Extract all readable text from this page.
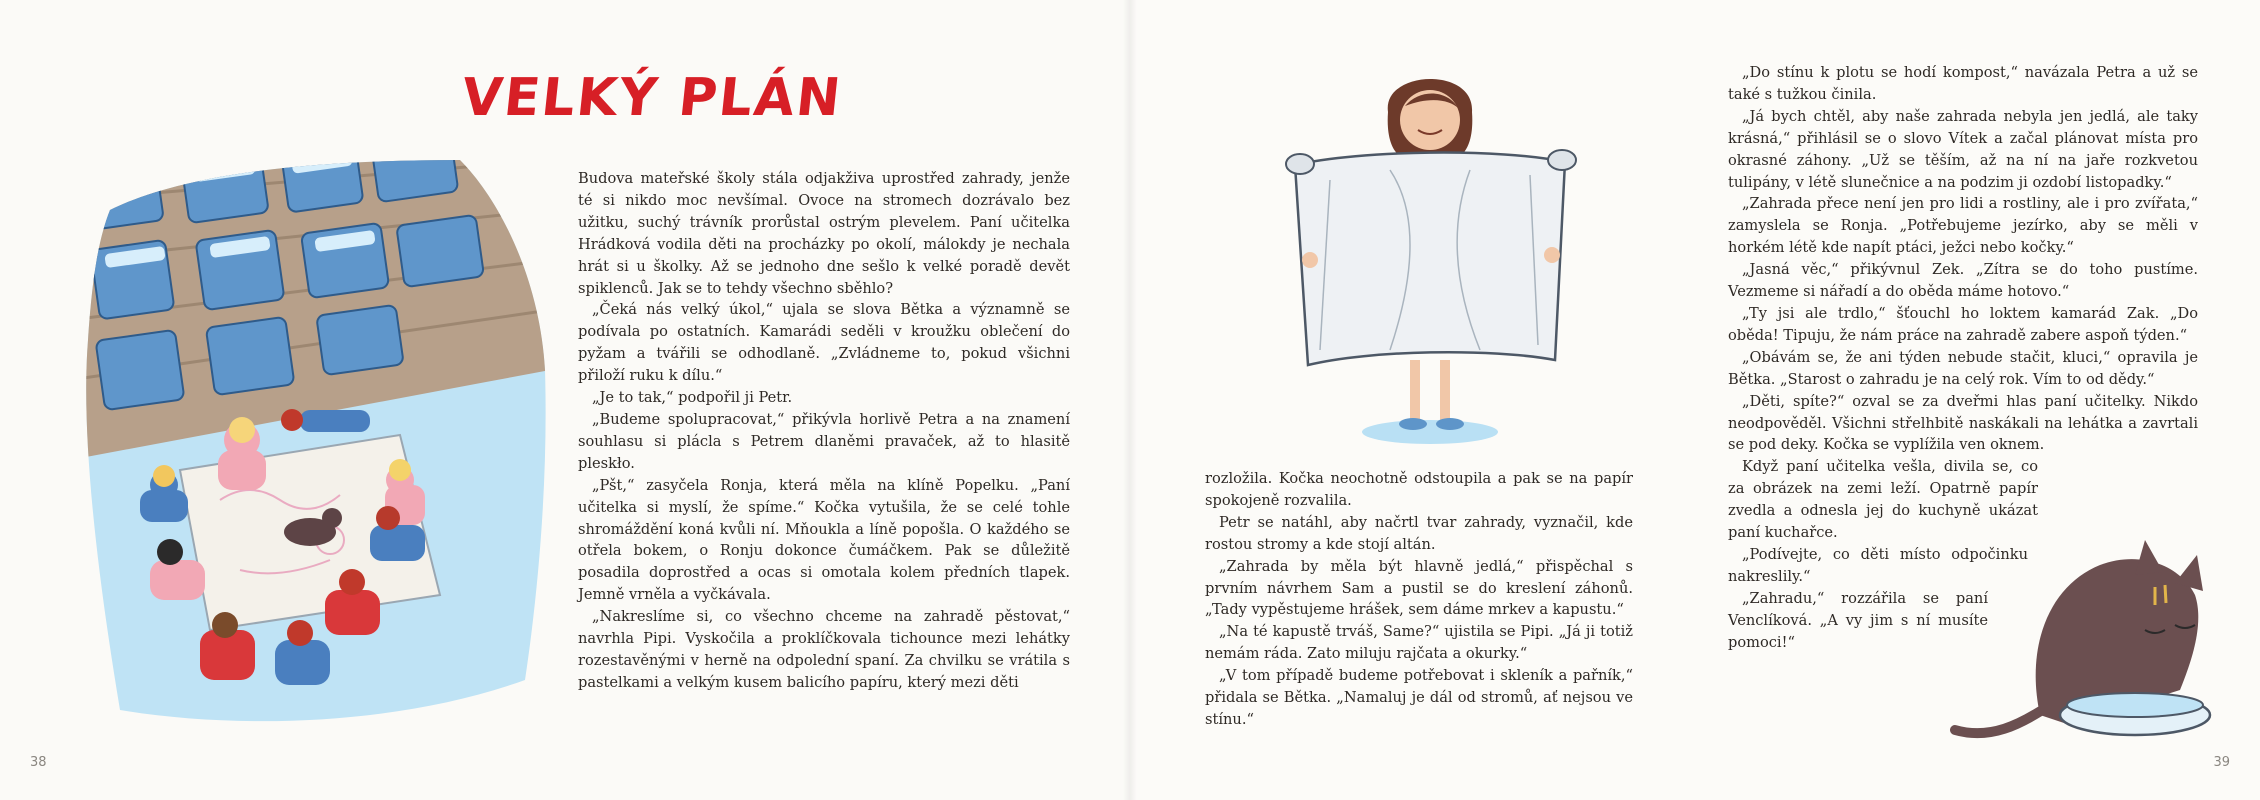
VELKÝ PLÁN

Budova mateřské školy stála odjakživa uprostřed zahrady, jenže té si nikdo moc nevšímal. Ovoce na stromech dozrávalo bez užitku, suchý trávník prorůstal ostrým plevelem. Paní učitelka Hrádková vodila děti na procházky po okolí, málokdy je nechala hrát si u školky. Až se jednoho dne sešlo k velké poradě devět spiklenců. Jak se to tehdy všechno sběhlo?

„Čeká nás velký úkol,“ ujala se slova Bětka a významně se podívala po ostatních. Kamarádi seděli v kroužku oblečení do pyžam a tvářili se odhodlaně. „Zvládneme to, pokud všichni přiloží ruku k dílu.“

„Je to tak,“ podpořil ji Petr.

„Budeme spolupracovat,“ přikývla horlivě Petra a na znamení souhlasu si plácla s Petrem dlaněmi pravaček, až to hlasitě pleskło.

„Pšt,“ zasyčela Ronja, která měla na klíně Popelku. „Paní učitelka si myslí, že spíme.“ Kočka vytušila, že se celé tohle shromáždění koná kvůli ní. Mňoukla a líně popošla. O každého se otřela bokem, o Ronju dokonce čumáčkem. Pak se důležitě posadila doprostřed a ocas si omotala kolem předních tlapek. Jemně vrněla a vyčkávala.

„Nakreslíme si, co všechno chceme na zahradě pěstovat,“ navrhla Pipi. Vyskočila a proklíčkovala tichounce mezi lehátky rozestavěnými v herně na odpolední spaní. Za chvilku se vrátila s pastelkami a velkým kusem balicího papíru, který mezi děti

38

rozložila. Kočka neochotně odstoupila a pak se na papír spokojeně rozvalila.

Petr se natáhl, aby načrtl tvar zahrady, vyznačil, kde rostou stromy a kde stojí altán.

„Zahrada by měla být hlavně jedlá,“ přispěchal s prvním návrhem Sam a pustil se do kreslení záhonů. „Tady vypěstujeme hrášek, sem dáme mrkev a kapustu.“

„Na té kapustě trváš, Same?“ ujistila se Pipi. „Já ji totiž nemám ráda. Zato miluju rajčata a okurky.“

„V tom případě budeme potřebovat i skleník a pařník,“ přidala se Bětka. „Namaluj je dál od stromů, ať nejsou ve stínu.“

„Do stínu k plotu se hodí kompost,“ navázala Petra a už se také s tužkou činila.

„Já bych chtěl, aby naše zahrada nebyla jen jedlá, ale taky krásná,“ přihlásil se o slovo Vítek a začal plánovat místa pro okrasné záhony. „Už se těším, až na ní na jaře rozkvetou tulipány, v létě slunečnice a na podzim ji ozdobí listopadky.“

„Zahrada přece není jen pro lidi a rostliny, ale i pro zvířata,“ zamyslela se Ronja. „Potřebujeme jezírko, aby se měli v horkém létě kde napít ptáci, ježci nebo kočky.“

„Jasná věc,“ přikývnul Zek. „Zítra se do toho pustíme. Vezmeme si nářadí a do oběda máme hotovo.“

„Ty jsi ale trdlo,“ šťouchl ho loktem kamarád Zak. „Do oběda! Tipuju, že nám práce na zahradě zabere aspoň týden.“

„Obávám se, že ani týden nebude stačit, kluci,“ opravila je Bětka. „Starost o zahradu je na celý rok. Vím to od dědy.“

„Děti, spíte?“ ozval se za dveřmi hlas paní učitelky. Nikdo neodpověděl. Všichni střelhbitě naskákali na lehátka a zavrtali se pod deky. Kočka se vyplížila ven oknem.

Když paní učitelka vešla, divila se, co za obrázek na zemi leží. Opatrně papír zvedla a odnesla jej do kuchyně ukázat paní kuchařce.

„Podívejte, co děti místo odpočinku nakreslily.“

„Zahradu,“ rozzářila se paní Venclíková. „A vy jim s ní musíte pomoci!“

39
